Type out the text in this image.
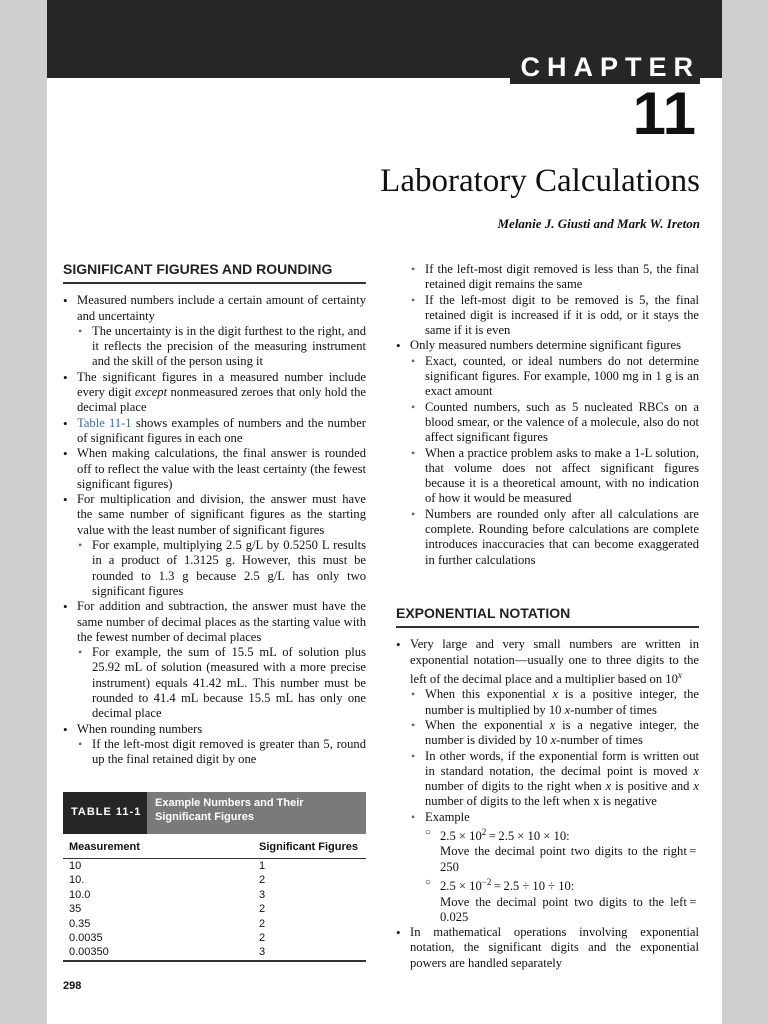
CHAPTER
11
Laboratory Calculations
Melanie J. Giusti and Mark W. Ireton
SIGNIFICANT FIGURES AND ROUNDING
• Measured numbers include a certain amount of certainty and uncertainty
• The uncertainty is in the digit furthest to the right, and it reflects the precision of the measuring instrument and the skill of the person using it
• The significant figures in a measured number include every digit except nonmeasured zeroes that only hold the decimal place
• Table 11-1 shows examples of numbers and the number of significant figures in each one
• When making calculations, the final answer is rounded off to reflect the value with the least certainty (the fewest significant figures)
• For multiplication and division, the answer must have the same number of significant figures as the starting value with the least number of significant figures
• For example, multiplying 2.5 g/L by 0.5250 L results in a product of 1.3125 g. However, this must be rounded to 1.3 g because 2.5 g/L has only two significant figures
• For addition and subtraction, the answer must have the same number of decimal places as the starting value with the fewest number of decimal places
• For example, the sum of 15.5 mL of solution plus 25.92 mL of solution (measured with a more precise instrument) equals 41.42 mL. This number must be rounded to 41.4 mL because 15.5 mL has only one decimal place
• When rounding numbers
• If the left-most digit removed is greater than 5, round up the final retained digit by one
TABLE 11-1
Example Numbers and Their Significant Figures
Measurement	Significant Figures
10	1
10.	2
10.0	3
35	2
0.35	2
0.0035	2
0.00350	3
• If the left-most digit removed is less than 5, the final retained digit remains the same
• If the left-most digit to be removed is 5, the final retained digit is increased if it is odd, or it stays the same if it is even
• Only measured numbers determine significant figures
• Exact, counted, or ideal numbers do not determine significant figures. For example, 1000 mg in 1 g is an exact amount
• Counted numbers, such as 5 nucleated RBCs on a blood smear, or the valence of a molecule, also do not affect significant figures
• When a practice problem asks to make a 1-L solution, that volume does not affect significant figures because it is a theoretical amount, with no indication of how it would be measured
• Numbers are rounded only after all calculations are complete. Rounding before calculations are complete introduces inaccuracies that can become exaggerated in further calculations
EXPONENTIAL NOTATION
• Very large and very small numbers are written in exponential notation—usually one to three digits to the left of the decimal place and a multiplier based on 10$^x$
• When this exponential x is a positive integer, the number is multiplied by 10 x-number of times
• When the exponential x is a negative integer, the number is divided by 10 x-number of times
• In other words, if the exponential form is written out in standard notation, the decimal point is moved x number of digits to the right when x is positive and x number of digits to the left when x is negative
• Example
○ $2.5 \times 10^2 = 2.5 \times 10 \times 10$:
Move the decimal point two digits to the right = 250
○ $2.5 \times 10^{-2} = 2.5 \div 10 \div 10$:
Move the decimal point two digits to the left = 0.025
• In mathematical operations involving exponential notation, the significant digits and the exponential powers are handled separately
298
